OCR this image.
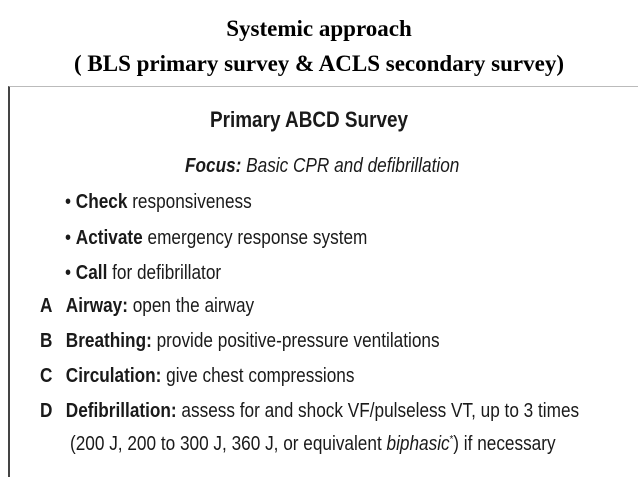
Systemic approach
( BLS primary survey & ACLS secondary survey)
Primary ABCD Survey
Focus: Basic CPR and defibrillation
• Check responsiveness
• Activate emergency response system
• Call for defibrillator
A Airway: open the airway
B Breathing: provide positive-pressure ventilations
C Circulation: give chest compressions
D Defibrillation: assess for and shock VF/pulseless VT, up to 3 times
(200 J, 200 to 300 J, 360 J, or equivalent biphasic*) if necessary
